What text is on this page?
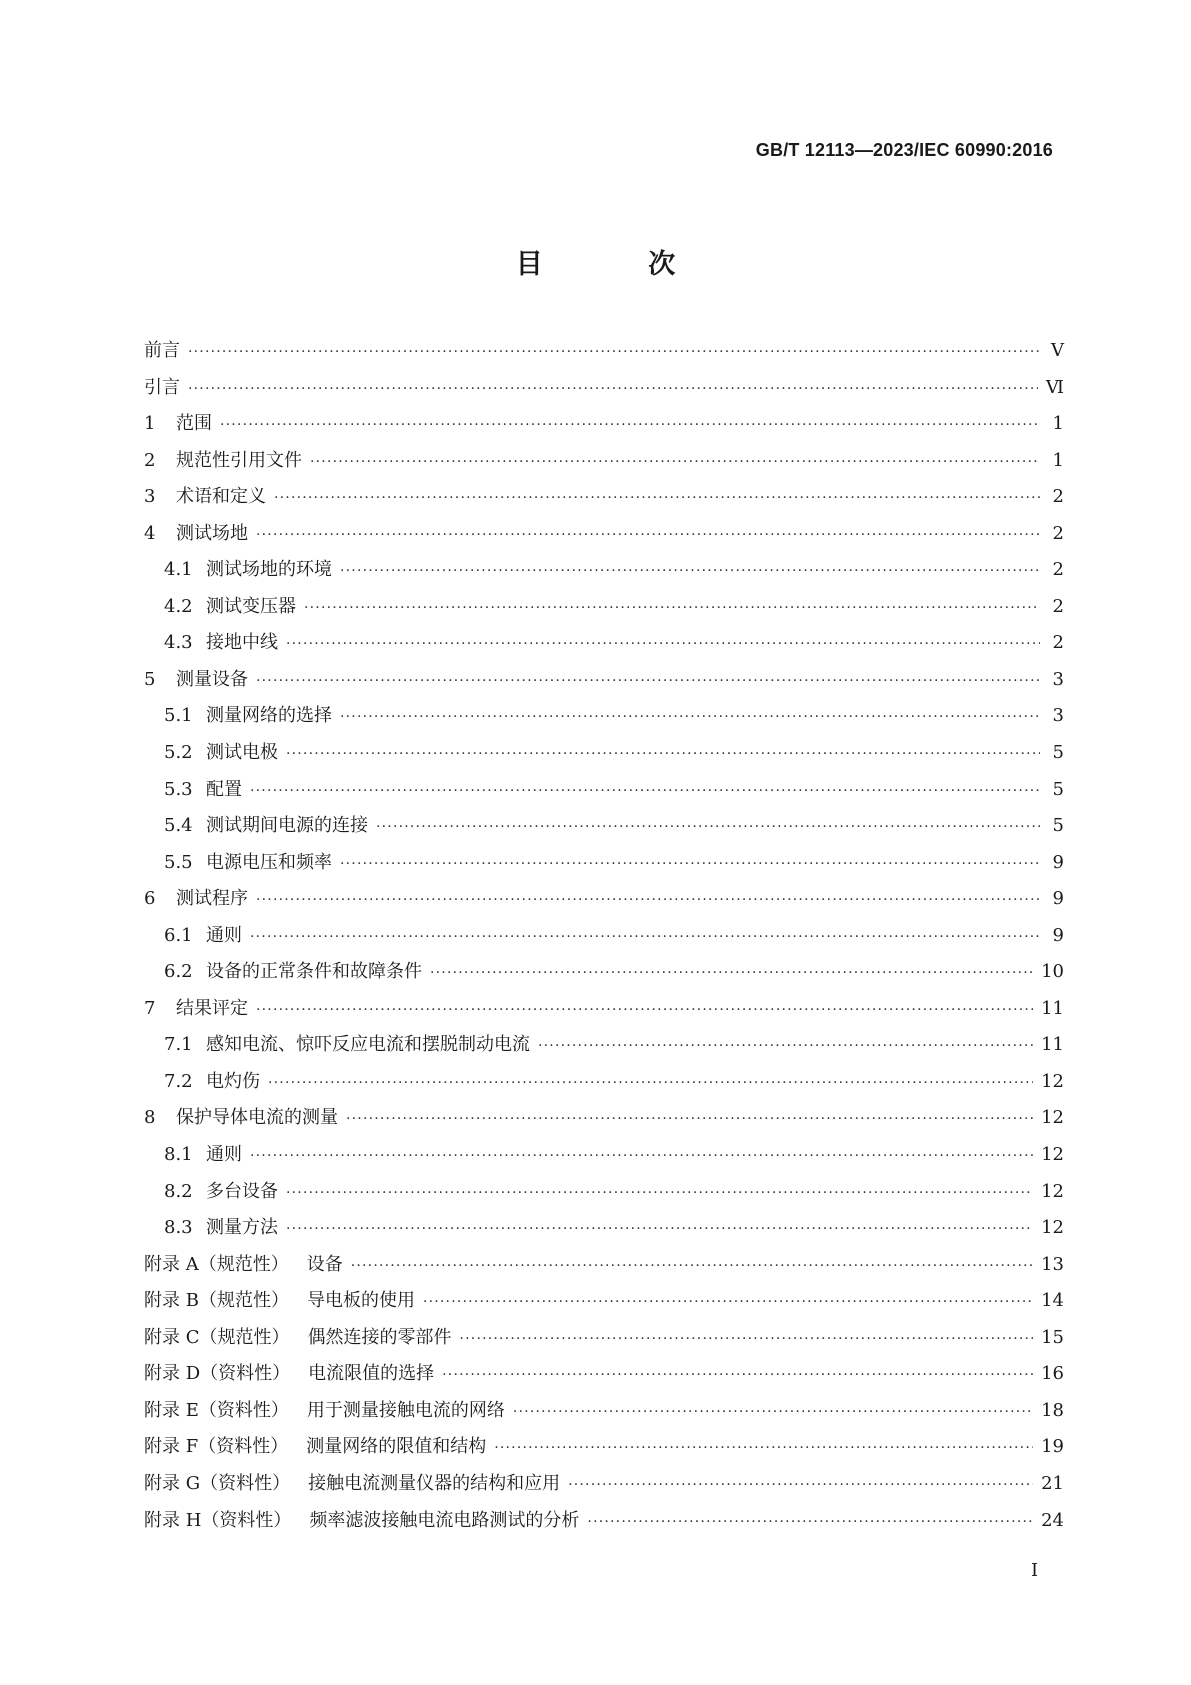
GB/T 12113—2023/IEC 60990:2016
目 次
前言 ·····	Ⅴ
引言 ·····	Ⅵ
1	范围 ·····	1
2	规范性引用文件 ·····	1
3	术语和定义 ·····	2
4	测试场地 ·····	2
4.1 测试场地的环境 ·····	2
4.2 测试变压器 ·····	2
4.3 接地中线 ·····	2
5	测量设备 ·····	3
5.1 测量网络的选择 ·····	3
5.2 测试电极 ·····	5
5.3 配置 ·····	5
5.4 测试期间电源的连接 ·····	5
5.5 电源电压和频率 ·····	9
6	测试程序 ·····	9
6.1 通则 ·····	9
6.2 设备的正常条件和故障条件 ·····	10
7	结果评定 ·····	11
7.1 感知电流、惊吓反应电流和摆脱制动电流 ·····	11
7.2 电灼伤 ·····	12
8	保护导体电流的测量 ·····	12
8.1 通则 ·····	12
8.2 多台设备 ·····	12
8.3 测量方法 ·····	12
附录 A（规范性） 设备 ·····	13
附录 B（规范性） 导电板的使用 ·····	14
附录 C（规范性） 偶然连接的零部件 ·····	15
附录 D（资料性） 电流限值的选择 ·····	16
附录 E（资料性） 用于测量接触电流的网络 ·····	18
附录 F（资料性） 测量网络的限值和结构 ·····	19
附录 G（资料性） 接触电流测量仪器的结构和应用 ·····	21
附录 H（资料性） 频率滤波接触电流电路测试的分析 ·····	24
I
